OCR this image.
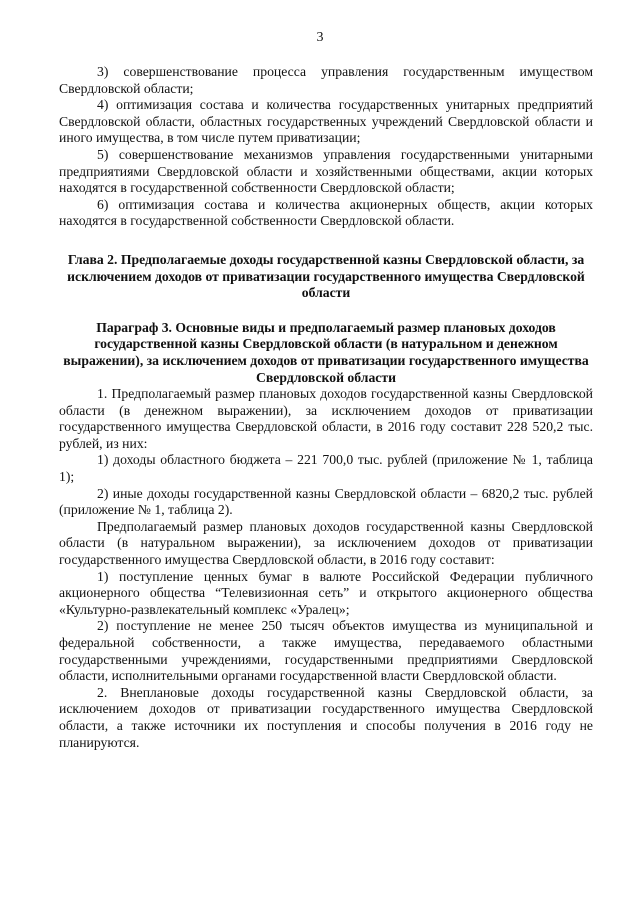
3

3) совершенствование процесса управления государственным имуществом Свердловской области;

4) оптимизация состава и количества государственных унитарных предприятий Свердловской области, областных государственных учреждений Свердловской области и иного имущества, в том числе путем приватизации;

5) совершенствование механизмов управления государственными унитарными предприятиями Свердловской области и хозяйственными обществами, акции которых находятся в государственной собственности Свердловской области;

6) оптимизация состава и количества акционерных обществ, акции которых находятся в государственной собственности Свердловской области.

Глава 2. Предполагаемые доходы государственной казны Свердловской области, за исключением доходов от приватизации государственного имущества Свердловской области
Параграф 3. Основные виды и предполагаемый размер плановых доходов государственной казны Свердловской области (в натуральном и денежном выражении), за исключением доходов от приватизации государственного имущества Свердловской области

1. Предполагаемый размер плановых доходов государственной казны Свердловской области (в денежном выражении), за исключением доходов от приватизации государственного имущества Свердловской области, в 2016 году составит 228 520,2 тыс. рублей, из них:

1) доходы областного бюджета – 221 700,0 тыс. рублей (приложение № 1, таблица 1);

2) иные доходы государственной казны Свердловской области – 6820,2 тыс. рублей (приложение № 1, таблица 2).

Предполагаемый размер плановых доходов государственной казны Свердловской области (в натуральном выражении), за исключением доходов от приватизации государственного имущества Свердловской области, в 2016 году составит:

1) поступление ценных бумаг в валюте Российской Федерации публичного акционерного общества “Телевизионная сеть” и открытого акционерного общества «Культурно-развлекательный комплекс «Уралец»;

2) поступление не менее 250 тысяч объектов имущества из муниципальной и федеральной собственности, а также имущества, передаваемого областными государственными учреждениями, государственными предприятиями Свердловской области, исполнительными органами государственной власти Свердловской области.

2. Внеплановые доходы государственной казны Свердловской области, за исключением доходов от приватизации государственного имущества Свердловской области, а также источники их поступления и способы получения в 2016 году не планируются.
